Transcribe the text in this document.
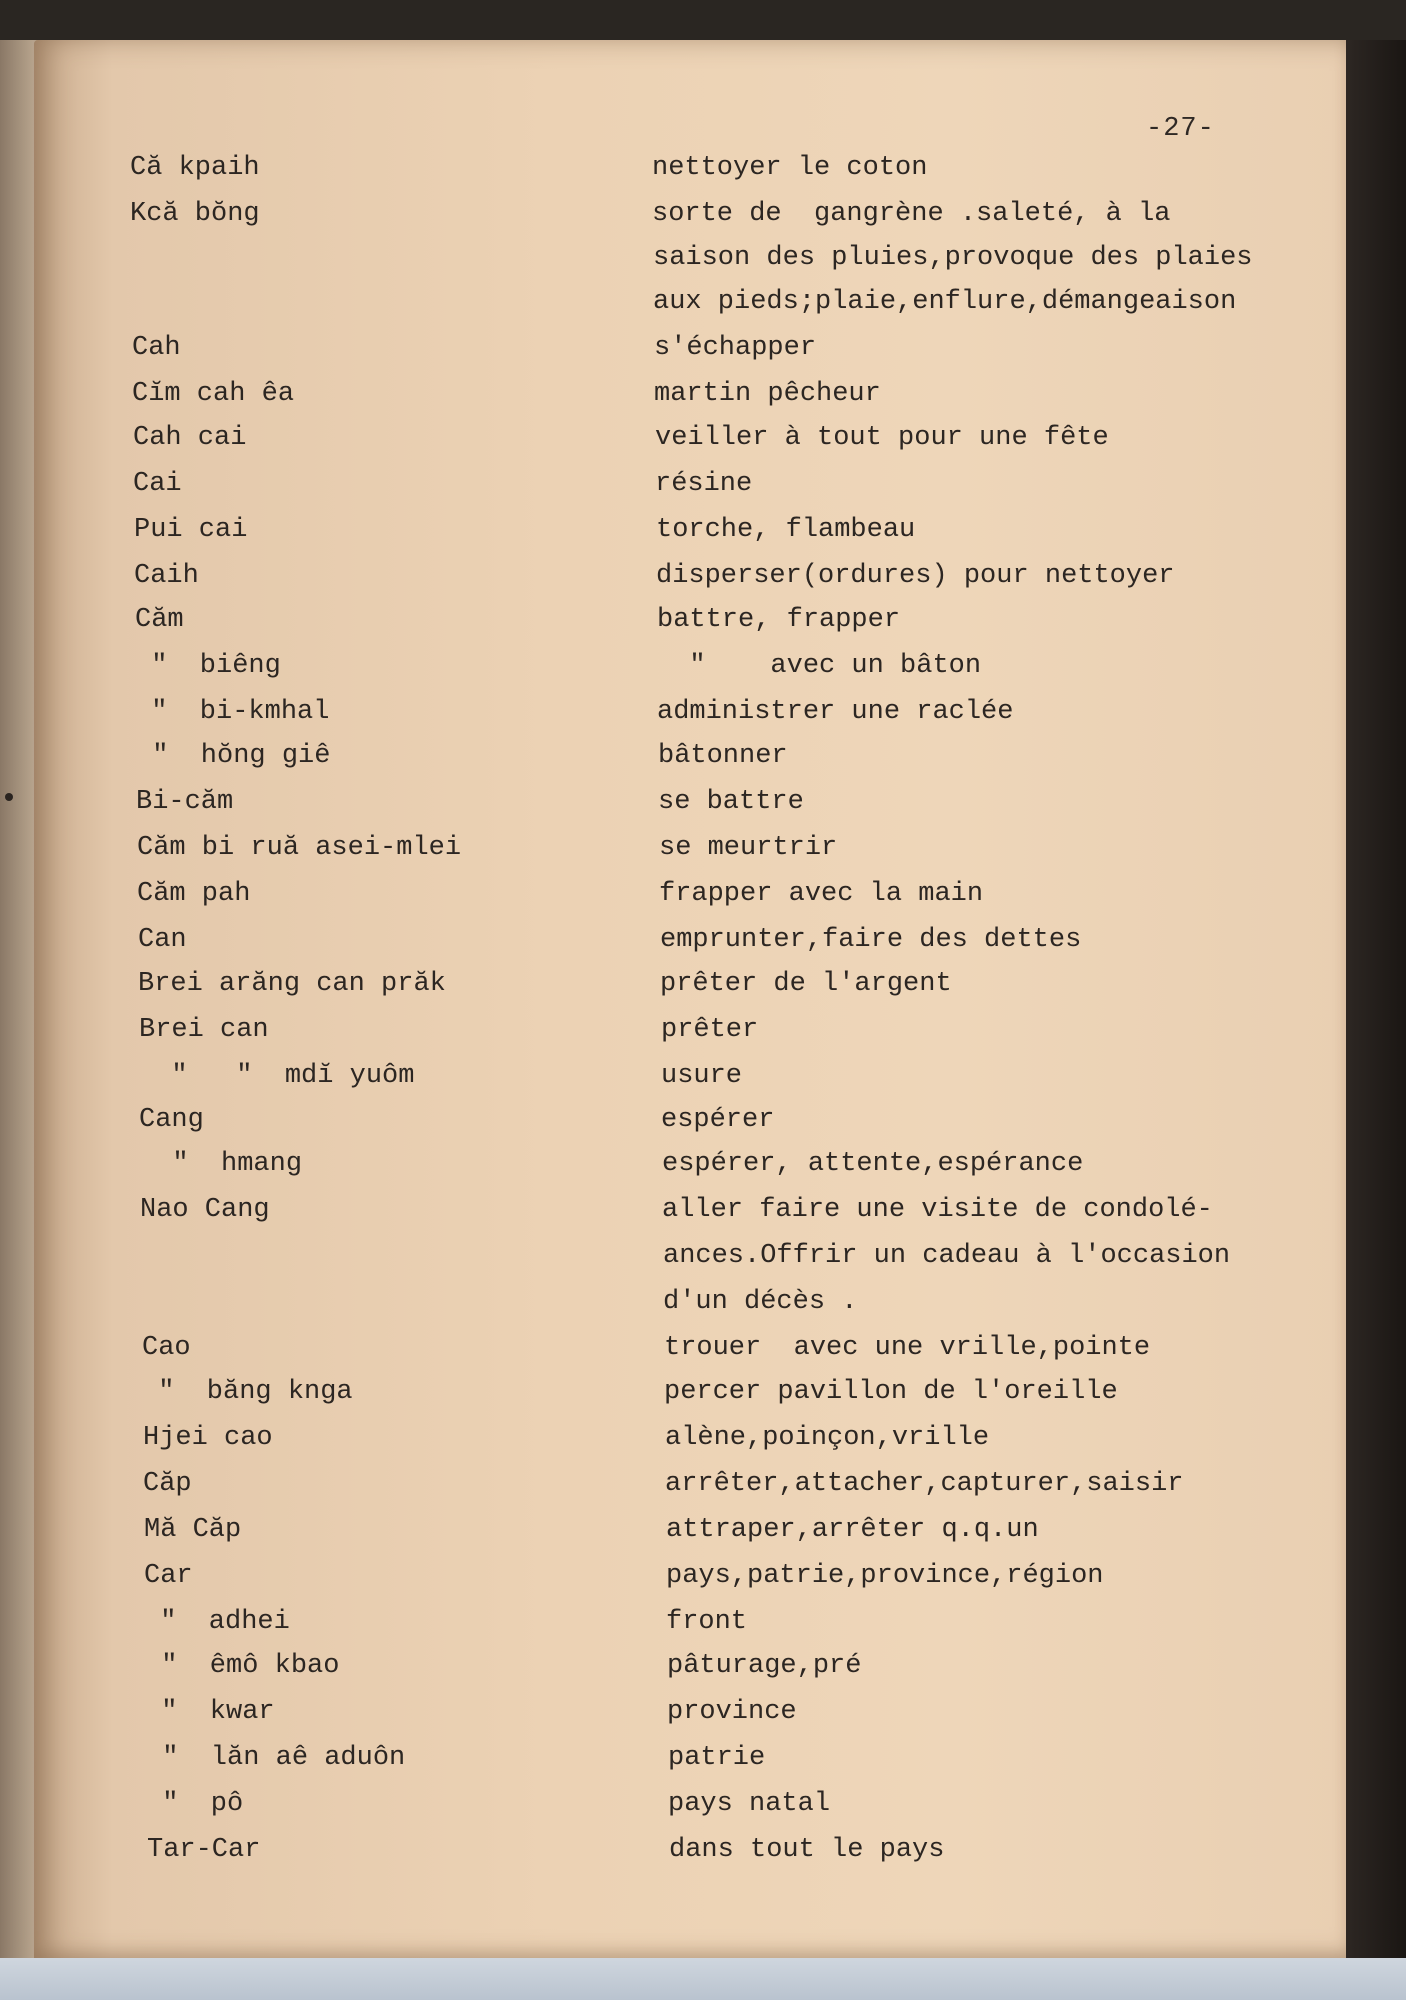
-27-
Că kpaih	nettoyer le coton
Kcă bŏng	sorte de  gangrène .saleté, à la
saison des pluies,provoque des plaies
aux pieds;plaie,enflure,démangeaison
Cah	s'échapper
Cĭm cah êa	martin pêcheur
Cah cai	veiller à tout pour une fête
Cai	résine
Pui cai	torche, flambeau
Caih	disperser(ordures) pour nettoyer
Căm	battre, frapper
"  biêng	"    avec un bâton
"  bi-kmhal	administrer une raclée
"  hŏng giê	bâtonner
Bi-căm	se battre
Căm bi ruă asei-mlei	se meurtrir
Căm pah	frapper avec la main
Can	emprunter,faire des dettes
Brei arăng can prăk	prêter de l'argent
Brei can	prêter
"   "  mdĭ yuôm	usure
Cang	espérer
"  hmang	espérer, attente,espérance
Nao Cang	aller faire une visite de condolé-
ances.Offrir un cadeau à l'occasion
d'un décès .
Cao	trouer  avec une vrille,pointe
"  băng knga	percer pavillon de l'oreille
Hjei cao	alène,poinçon,vrille
Căp	arrêter,attacher,capturer,saisir
Mă Căp	attraper,arrêter q.q.un
Car	pays,patrie,province,région
"  adhei	front
"  êmô kbao	pâturage,pré
"  kwar	province
"  lăn aê aduôn	patrie
"  pô	pays natal
Tar-Car	dans tout le pays
